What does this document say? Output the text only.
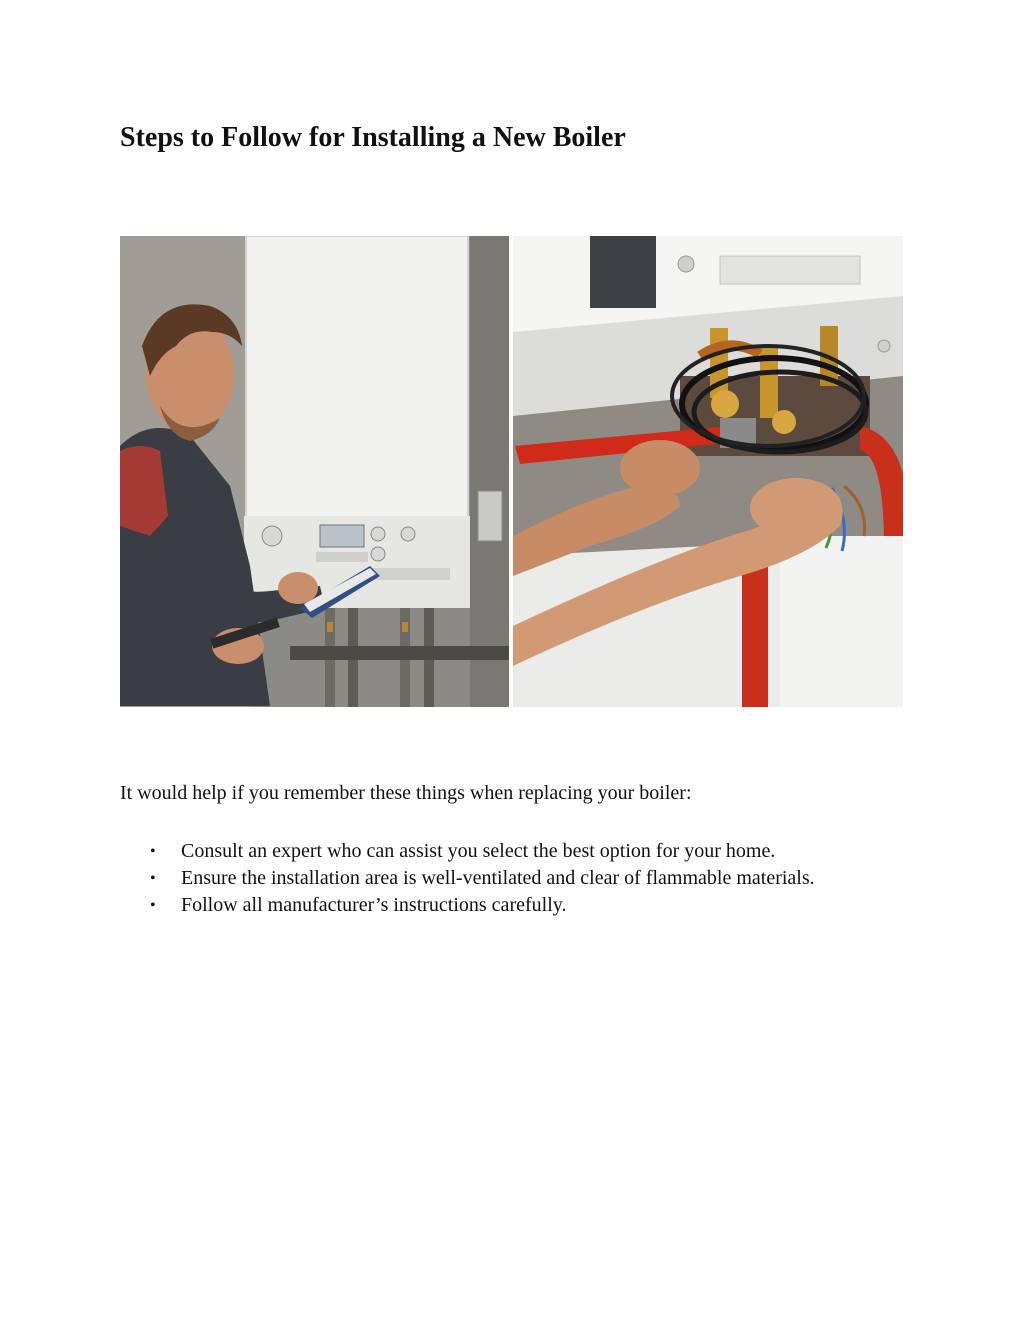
Steps to Follow for Installing a New Boiler

It would help if you remember these things when replacing your boiler:

• Consult an expert who can assist you select the best option for your home.
• Ensure the installation area is well-ventilated and clear of flammable materials.
• Follow all manufacturer’s instructions carefully.
